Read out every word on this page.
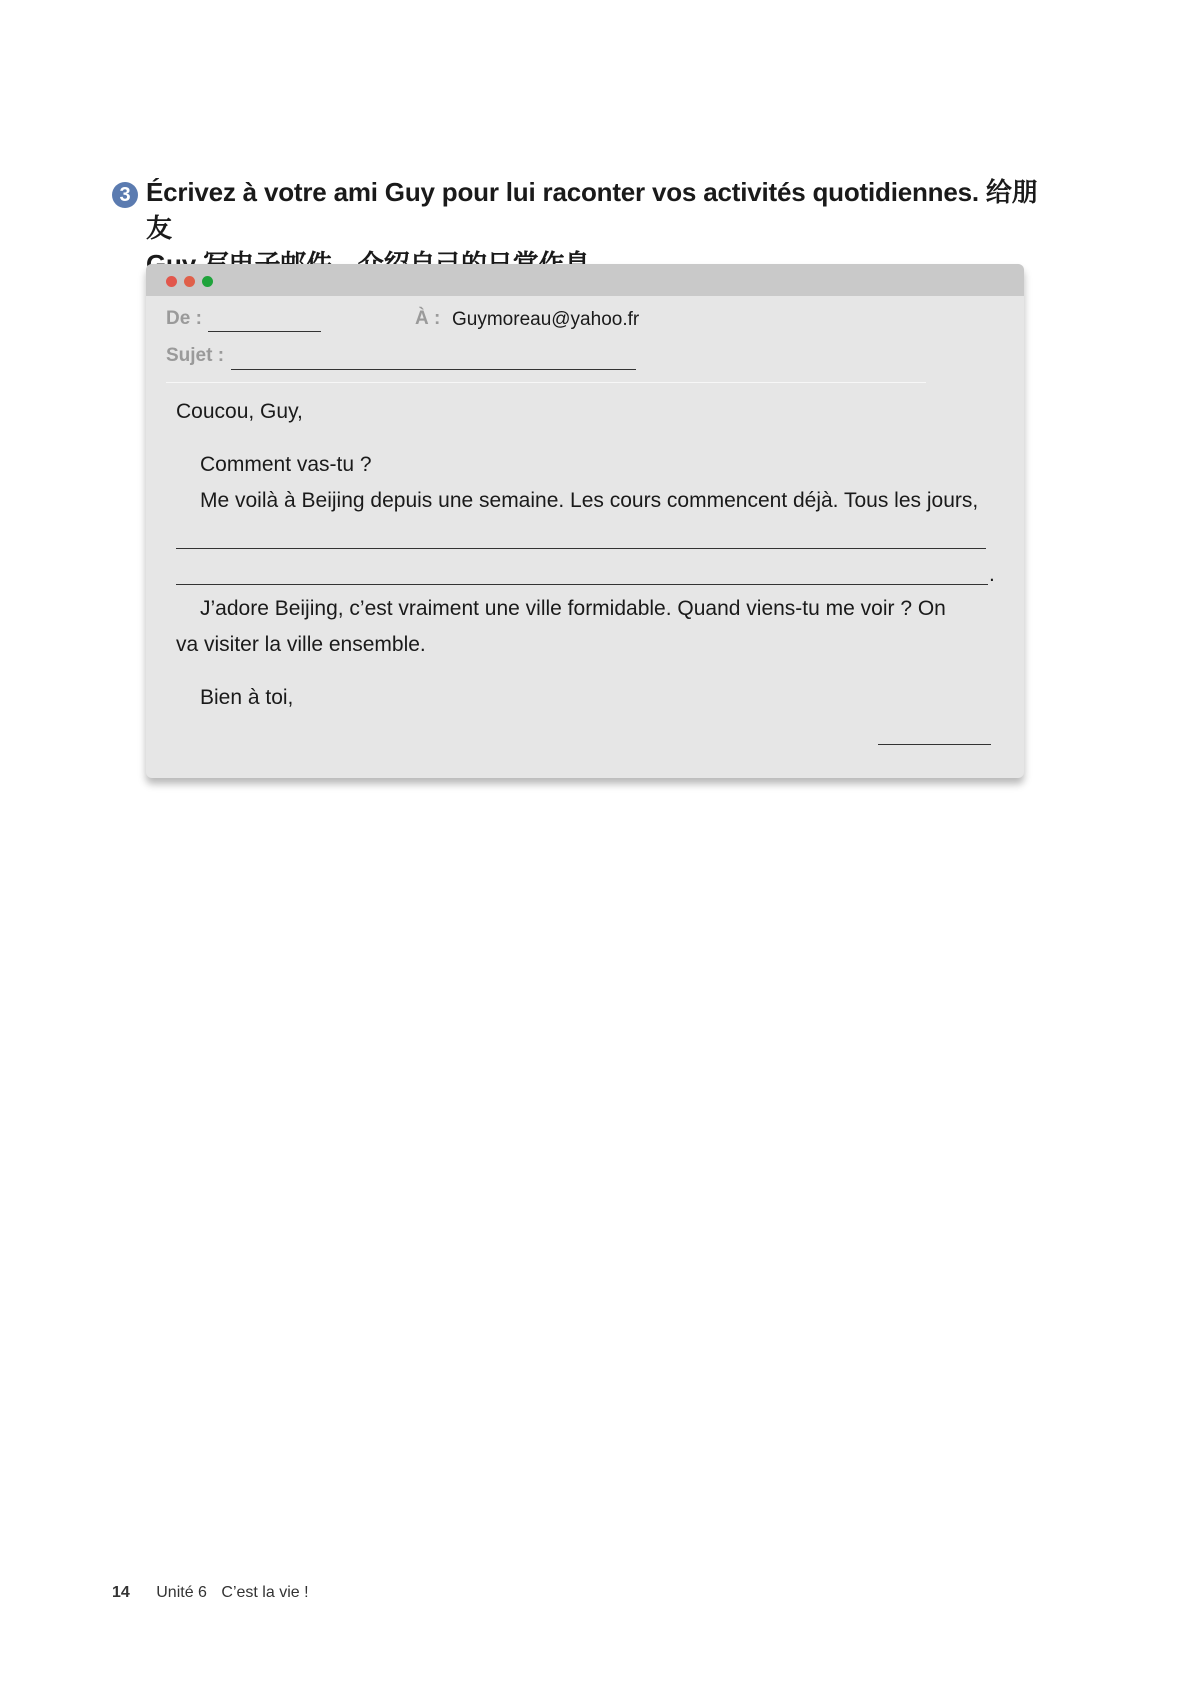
3 Écrivez à votre ami Guy pour lui raconter vos activités quotidiennes. 给朋友

De :	À : Guymoreau@yahoo.fr
Sujet :
Coucou, Guy,
Comment vas-tu ?
Me voilà à Beijing depuis une semaine. Les cours commencent déjà. Tous les jours,
.
J’adore Beijing, c’est vraiment une ville formidable. Quand viens-tu me voir ? On
va visiter la ville ensemble.
Bien à toi,
14 Unité 6 C’est la vie !
